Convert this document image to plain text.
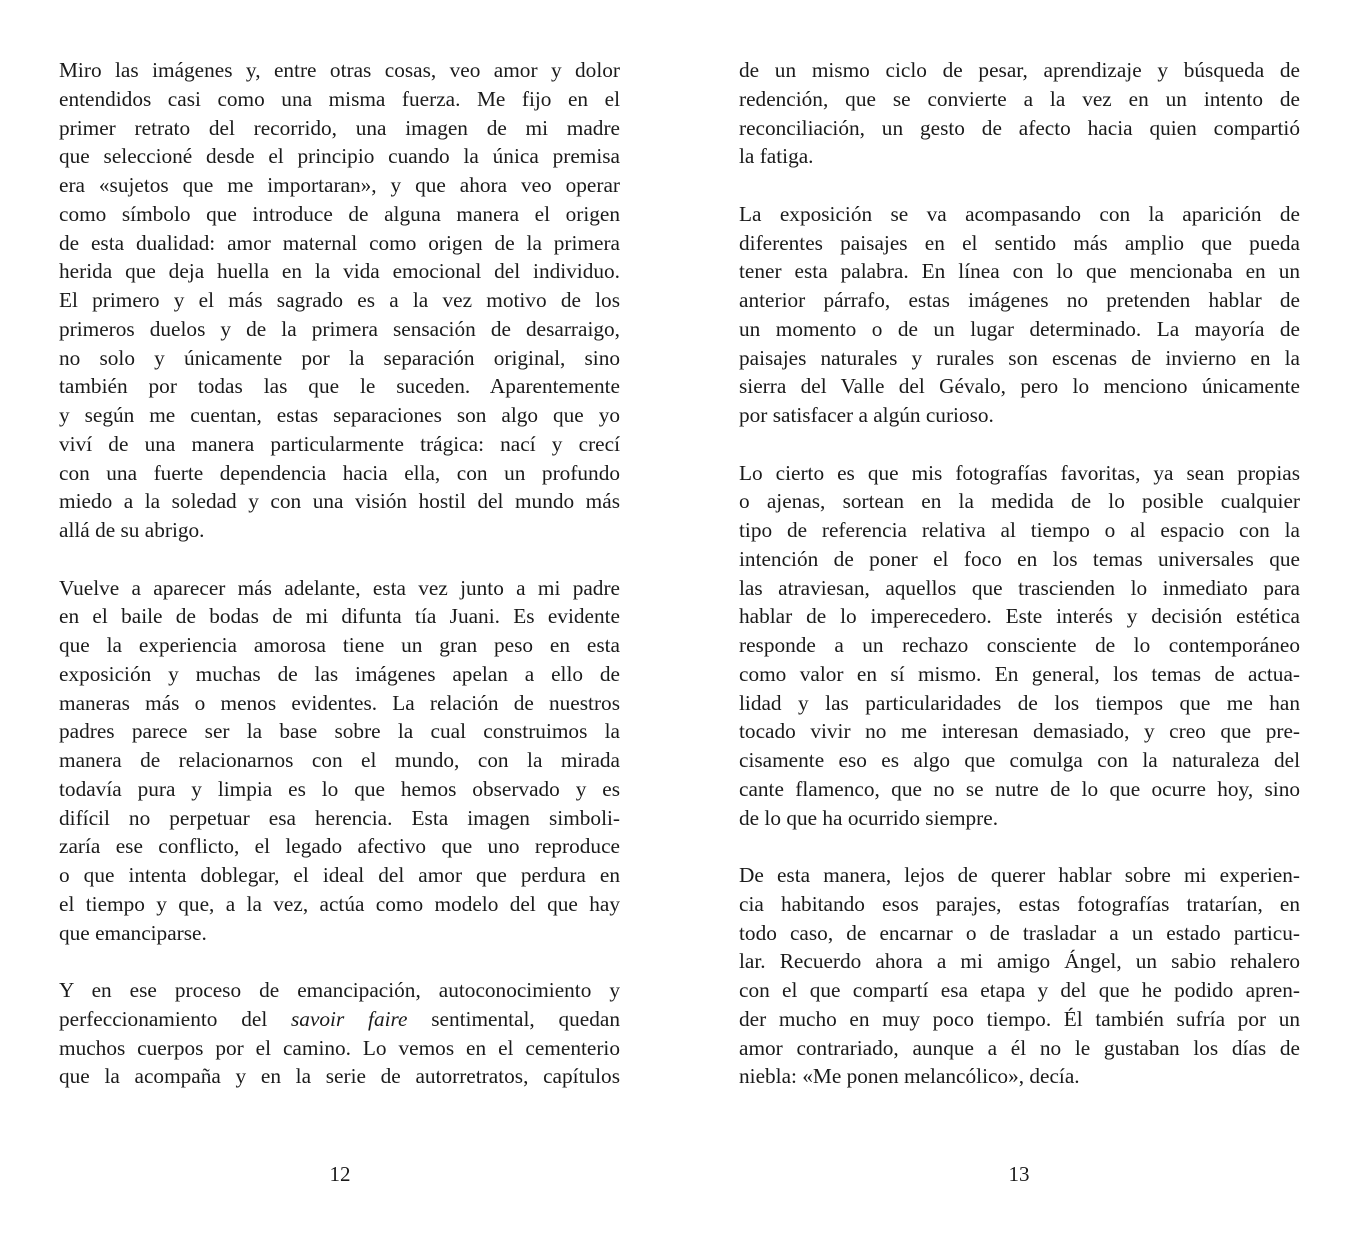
Miro las imágenes y, entre otras cosas, veo amor y dolor
entendidos casi como una misma fuerza. Me fijo en el
primer retrato del recorrido, una imagen de mi madre
que seleccioné desde el principio cuando la única premisa
era «sujetos que me importaran», y que ahora veo operar
como símbolo que introduce de alguna manera el origen
de esta dualidad: amor maternal como origen de la primera
herida que deja huella en la vida emocional del individuo.
El primero y el más sagrado es a la vez motivo de los
primeros duelos y de la primera sensación de desarraigo,
no solo y únicamente por la separación original, sino
también por todas las que le suceden. Aparentemente
y según me cuentan, estas separaciones son algo que yo
viví de una manera particularmente trágica: nací y crecí
con una fuerte dependencia hacia ella, con un profundo
miedo a la soledad y con una visión hostil del mundo más
allá de su abrigo.
Vuelve a aparecer más adelante, esta vez junto a mi padre
en el baile de bodas de mi difunta tía Juani. Es evidente
que la experiencia amorosa tiene un gran peso en esta
exposición y muchas de las imágenes apelan a ello de
maneras más o menos evidentes. La relación de nuestros
padres parece ser la base sobre la cual construimos la
manera de relacionarnos con el mundo, con la mirada
todavía pura y limpia es lo que hemos observado y es
difícil no perpetuar esa herencia. Esta imagen simboli-
zaría ese conflicto, el legado afectivo que uno reproduce
o que intenta doblegar, el ideal del amor que perdura en
el tiempo y que, a la vez, actúa como modelo del que hay
que emanciparse.
Y en ese proceso de emancipación, autoconocimiento y
perfeccionamiento del savoir faire sentimental, quedan
muchos cuerpos por el camino. Lo vemos en el cementerio
que la acompaña y en la serie de autorretratos, capítulos
de un mismo ciclo de pesar, aprendizaje y búsqueda de
redención, que se convierte a la vez en un intento de
reconciliación, un gesto de afecto hacia quien compartió
la fatiga.
La exposición se va acompasando con la aparición de
diferentes paisajes en el sentido más amplio que pueda
tener esta palabra. En línea con lo que mencionaba en un
anterior párrafo, estas imágenes no pretenden hablar de
un momento o de un lugar determinado. La mayoría de
paisajes naturales y rurales son escenas de invierno en la
sierra del Valle del Gévalo, pero lo menciono únicamente
por satisfacer a algún curioso.
Lo cierto es que mis fotografías favoritas, ya sean propias
o ajenas, sortean en la medida de lo posible cualquier
tipo de referencia relativa al tiempo o al espacio con la
intención de poner el foco en los temas universales que
las atraviesan, aquellos que trascienden lo inmediato para
hablar de lo imperecedero. Este interés y decisión estética
responde a un rechazo consciente de lo contemporáneo
como valor en sí mismo. En general, los temas de actua-
lidad y las particularidades de los tiempos que me han
tocado vivir no me interesan demasiado, y creo que pre-
cisamente eso es algo que comulga con la naturaleza del
cante flamenco, que no se nutre de lo que ocurre hoy, sino
de lo que ha ocurrido siempre.
De esta manera, lejos de querer hablar sobre mi experien-
cia habitando esos parajes, estas fotografías tratarían, en
todo caso, de encarnar o de trasladar a un estado particu-
lar. Recuerdo ahora a mi amigo Ángel, un sabio rehalero
con el que compartí esa etapa y del que he podido apren-
der mucho en muy poco tiempo. Él también sufría por un
amor contrariado, aunque a él no le gustaban los días de
niebla: «Me ponen melancólico», decía.
12	13
